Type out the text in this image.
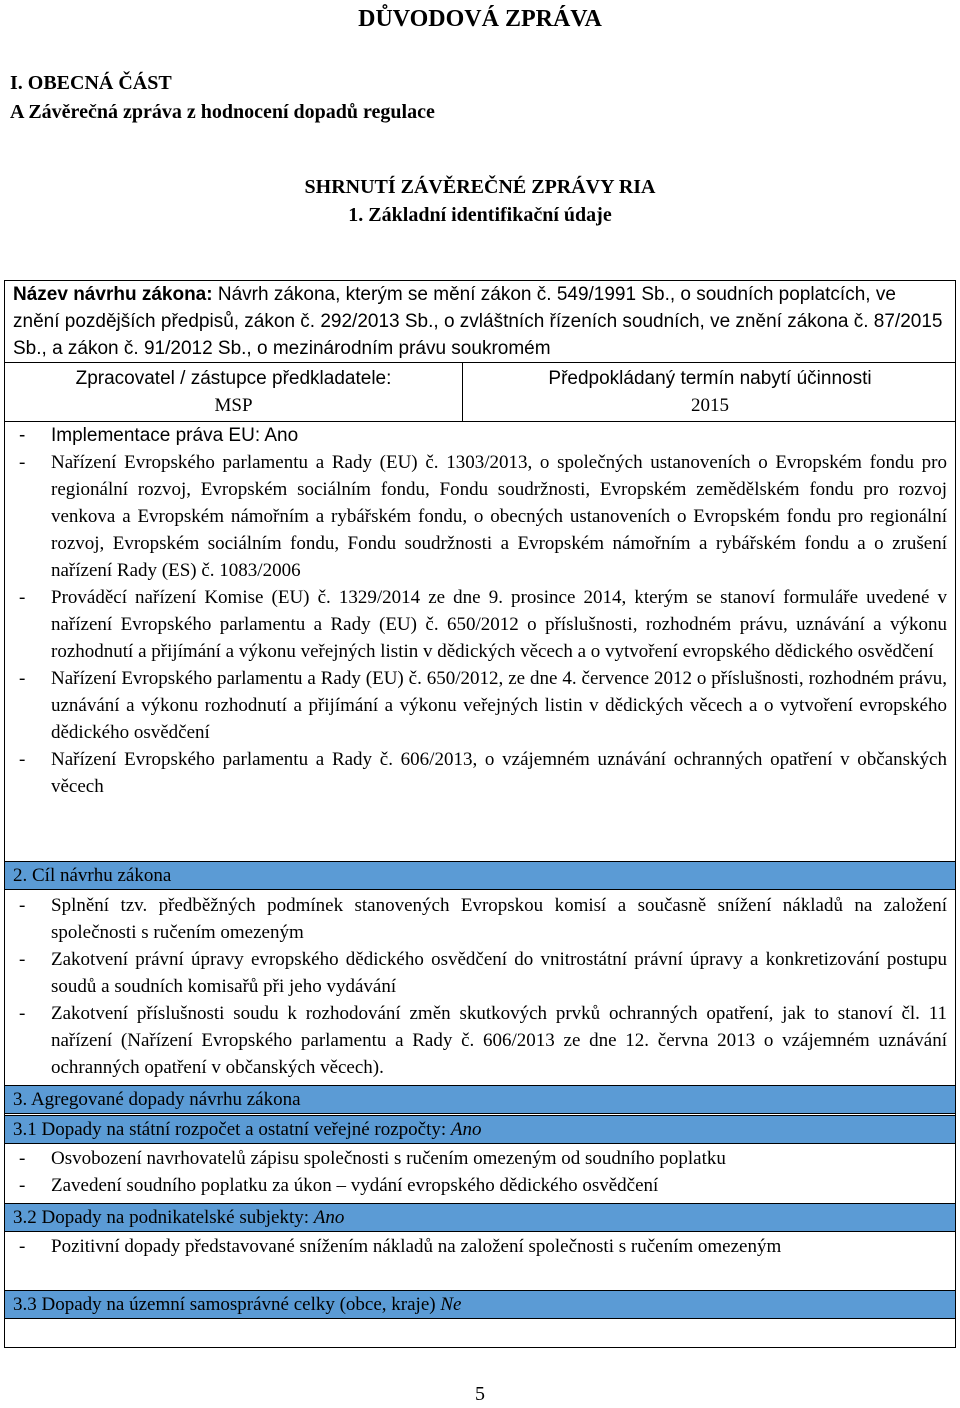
DŮVODOVÁ ZPRÁVA
I. OBECNÁ ČÁST
A Závěrečná zpráva z hodnocení dopadů regulace
SHRNUTÍ ZÁVĚREČNÉ ZPRÁVY RIA
1. Základní identifikační údaje
Název návrhu zákona: Návrh zákona, kterým se mění zákon č. 549/1991 Sb., o soudních poplatcích, ve znění pozdějších předpisů, zákon č. 292/2013 Sb., o zvláštních řízeních soudních, ve znění zákona č. 87/2015 Sb., a zákon č. 91/2012 Sb., o mezinárodním právu soukromém
Zpracovatel / zástupce předkladatele:
MSP
Předpokládaný termín nabytí účinnosti
2015
- Implementace práva EU: Ano
- Nařízení Evropského parlamentu a Rady (EU) č. 1303/2013, o společných ustanoveních o Evropském fondu pro regionální rozvoj, Evropském sociálním fondu, Fondu soudržnosti, Evropském zemědělském fondu pro rozvoj venkova a Evropském námořním a rybářském fondu, o obecných ustanoveních o Evropském fondu pro regionální rozvoj, Evropském sociálním fondu, Fondu soudržnosti a Evropském námořním a rybářském fondu a o zrušení nařízení Rady (ES) č. 1083/2006
- Prováděcí nařízení Komise (EU) č. 1329/2014 ze dne 9. prosince 2014, kterým se stanoví formuláře uvedené v nařízení Evropského parlamentu a Rady (EU) č. 650/2012 o příslušnosti, rozhodném právu, uznávání a výkonu rozhodnutí a přijímání a výkonu veřejných listin v dědických věcech a o vytvoření evropského dědického osvědčení
- Nařízení Evropského parlamentu a Rady (EU) č. 650/2012, ze dne 4. července 2012 o příslušnosti, rozhodném právu, uznávání a výkonu rozhodnutí a přijímání a výkonu veřejných listin v dědických věcech a o vytvoření evropského dědického osvědčení
- Nařízení Evropského parlamentu a Rady č. 606/2013, o vzájemném uznávání ochranných opatření v občanských věcech
2. Cíl návrhu zákona
- Splnění tzv. předběžných podmínek stanovených Evropskou komisí a současně snížení nákladů na založení společnosti s ručením omezeným
- Zakotvení právní úpravy evropského dědického osvědčení do vnitrostátní právní úpravy a konkretizování postupu soudů a soudních komisařů při jeho vydávání
- Zakotvení příslušnosti soudu k rozhodování změn skutkových prvků ochranných opatření, jak to stanoví čl. 11 nařízení (Nařízení Evropského parlamentu a Rady č. 606/2013 ze dne 12. června 2013 o vzájemném uznávání ochranných opatření v občanských věcech).
3. Agregované dopady návrhu zákona
3.1 Dopady na státní rozpočet a ostatní veřejné rozpočty: Ano
- Osvobození navrhovatelů zápisu společnosti s ručením omezeným od soudního poplatku
- Zavedení soudního poplatku za úkon – vydání evropského dědického osvědčení
3.2 Dopady na podnikatelské subjekty: Ano
- Pozitivní dopady představované snížením nákladů na založení společnosti s ručením omezeným
3.3 Dopady na územní samosprávné celky (obce, kraje) Ne
5
